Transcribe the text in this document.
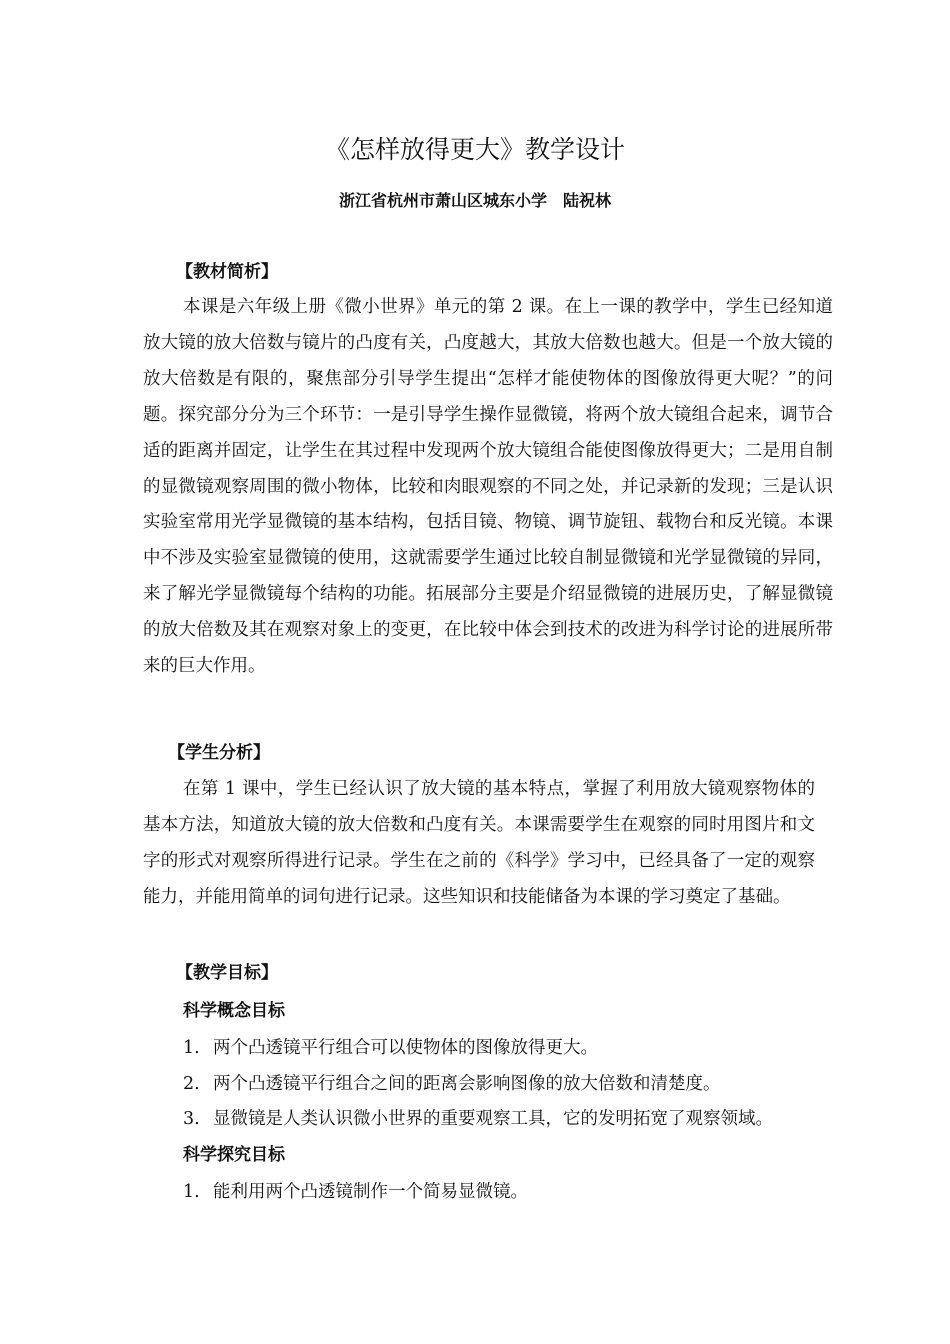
《怎样放得更大》教学设计
浙江省杭州市萧山区城东小学　陆祝林
【教材简析】

本课是六年级上册《微小世界》单元的第 2 课。在上一课的教学中，学生已经知道放大镜的放大倍数与镜片的凸度有关，凸度越大，其放大倍数也越大。但是一个放大镜的放大倍数是有限的，聚焦部分引导学生提出“怎样才能使物体的图像放得更大呢？”的问题。探究部分分为三个环节：一是引导学生操作显微镜，将两个放大镜组合起来，调节合适的距离并固定，让学生在其过程中发现两个放大镜组合能使图像放得更大；二是用自制的显微镜观察周围的微小物体，比较和肉眼观察的不同之处，并记录新的发现；三是认识实验室常用光学显微镜的基本结构，包括目镜、物镜、调节旋钮、载物台和反光镜。本课中不涉及实验室显微镜的使用，这就需要学生通过比较自制显微镜和光学显微镜的异同，来了解光学显微镜每个结构的功能。拓展部分主要是介绍显微镜的进展历史，了解显微镜的放大倍数及其在观察对象上的变更，在比较中体会到技术的改进为科学讨论的进展所带来的巨大作用。

【学生分析】

在第 1 课中，学生已经认识了放大镜的基本特点，掌握了利用放大镜观察物体的基本方法，知道放大镜的放大倍数和凸度有关。本课需要学生在观察的同时用图片和文字的形式对观察所得进行记录。学生在之前的《科学》学习中，已经具备了一定的观察能力，并能用简单的词句进行记录。这些知识和技能储备为本课的学习奠定了基础。

【教学目标】
科学概念目标
1. 两个凸透镜平行组合可以使物体的图像放得更大。
2. 两个凸透镜平行组合之间的距离会影响图像的放大倍数和清楚度。
3. 显微镜是人类认识微小世界的重要观察工具，它的发明拓宽了观察领域。
科学探究目标
1. 能利用两个凸透镜制作一个简易显微镜。
